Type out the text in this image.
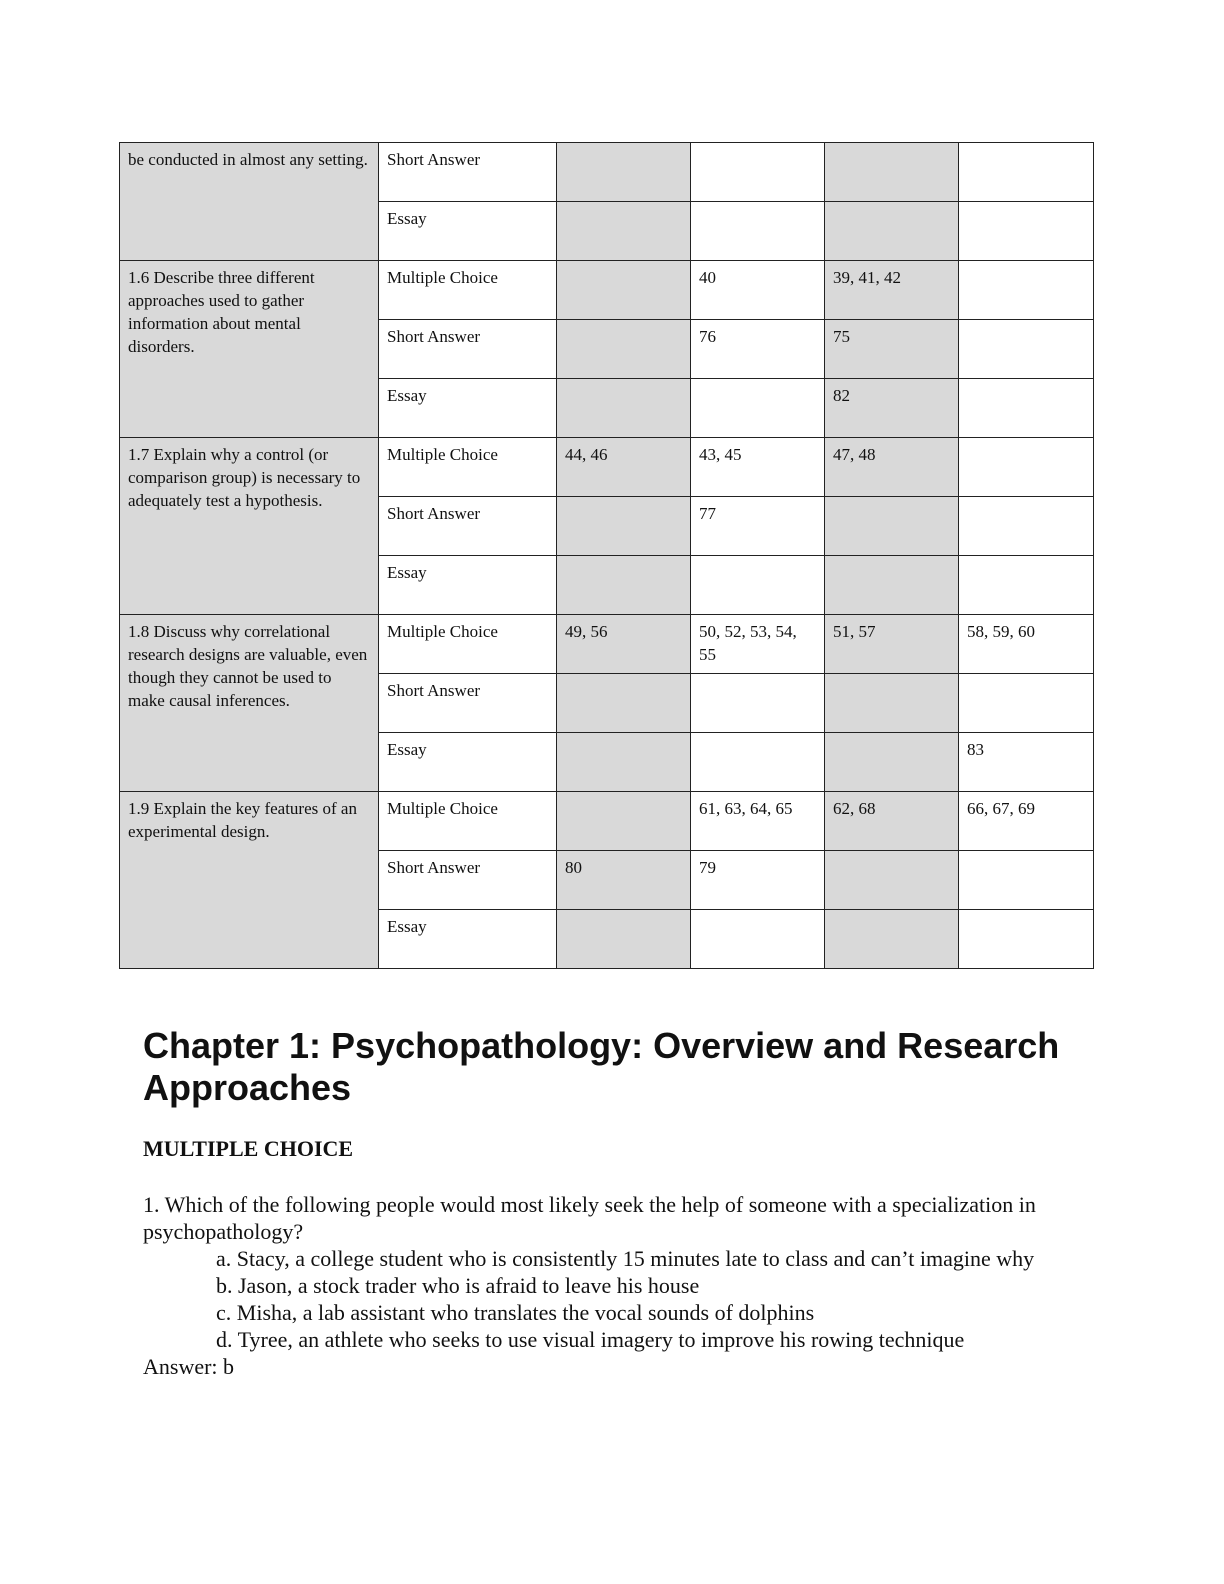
be conducted in almost any setting.	Short Answer				
	Essay				
1.6 Describe three different approaches used to gather information about mental disorders.	Multiple Choice		40	39, 41, 42	
	Short Answer		76	75	
	Essay			82	
1.7 Explain why a control (or comparison group) is necessary to adequately test a hypothesis.	Multiple Choice	44, 46	43, 45	47, 48	
	Short Answer		77		
	Essay				
1.8 Discuss why correlational research designs are valuable, even though they cannot be used to make causal inferences.	Multiple Choice	49, 56	50, 52, 53, 54, 55	51, 57	58, 59, 60
	Short Answer				
	Essay				83
1.9 Explain the key features of an experimental design.	Multiple Choice		61, 63, 64, 65	62, 68	66, 67, 69
	Short Answer	80	79		
	Essay				
Chapter 1: Psychopathology: Overview and Research Approaches

MULTIPLE CHOICE

1. Which of the following people would most likely seek the help of someone with a specialization in psychopathology?

a. Stacy, a college student who is consistently 15 minutes late to class and can’t imagine why
b. Jason, a stock trader who is afraid to leave his house
c. Misha, a lab assistant who translates the vocal sounds of dolphins
d. Tyree, an athlete who seeks to use visual imagery to improve his rowing technique

Answer: b
